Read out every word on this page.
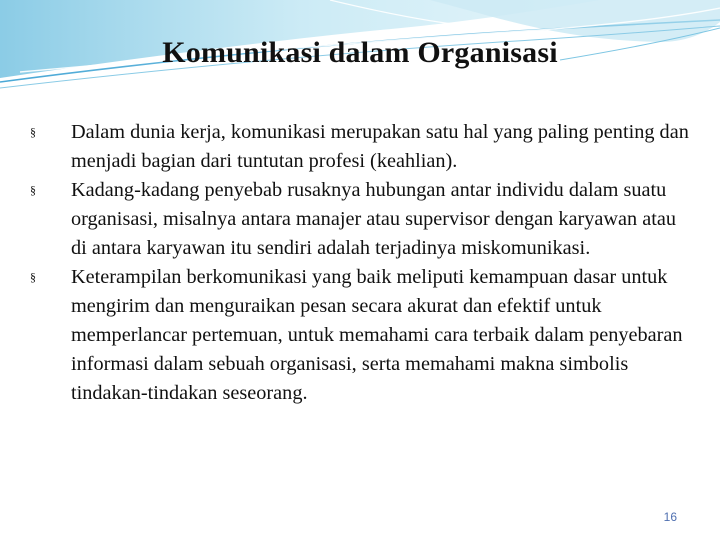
Komunikasi dalam Organisasi
§	Dalam dunia kerja, komunikasi merupakan satu hal yang paling penting dan menjadi bagian dari tuntutan profesi (keahlian).
§	Kadang-kadang penyebab rusaknya hubungan antar individu dalam suatu organisasi, misalnya antara manajer atau supervisor dengan karyawan atau di antara karyawan itu sendiri adalah terjadinya miskomunikasi.
§	Keterampilan berkomunikasi yang baik meliputi kemampuan dasar untuk mengirim dan menguraikan pesan secara akurat dan efektif untuk memperlancar pertemuan, untuk memahami cara terbaik dalam penyebaran informasi dalam sebuah organisasi, serta memahami makna simbolis tindakan-tindakan seseorang.
16
